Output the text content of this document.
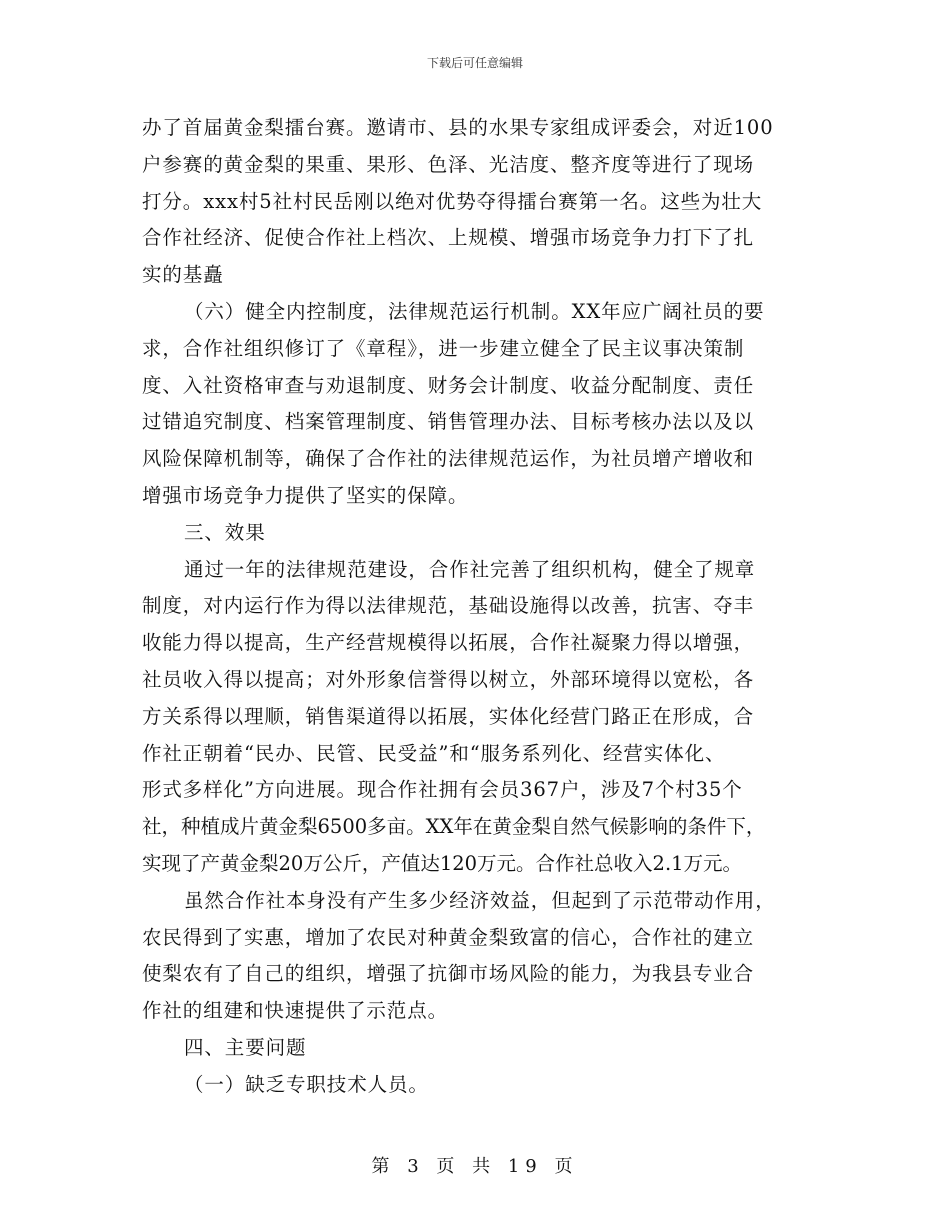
下载后可任意编辑
办了首届黄金梨擂台赛。邀请市、县的水果专家组成评委会，对近100
户参赛的黄金梨的果重、果形、色泽、光洁度、整齐度等进行了现场
打分。xxx村5社村民岳刚以绝对优势夺得擂台赛第一名。这些为壮大
合作社经济、促使合作社上档次、上规模、增强市场竞争力打下了扎
实的基矗
（六）健全内控制度，法律规范运行机制。XX年应广阔社员的要
求，合作社组织修订了《章程》，进一步建立健全了民主议事决策制
度、入社资格审查与劝退制度、财务会计制度、收益分配制度、责任
过错追究制度、档案管理制度、销售管理办法、目标考核办法以及以
风险保障机制等，确保了合作社的法律规范运作，为社员增产增收和
增强市场竞争力提供了坚实的保障。
三、效果
通过一年的法律规范建设，合作社完善了组织机构，健全了规章
制度，对内运行作为得以法律规范，基础设施得以改善，抗害、夺丰
收能力得以提高，生产经营规模得以拓展，合作社凝聚力得以增强，
社员收入得以提高；对外形象信誉得以树立，外部环境得以宽松，各
方关系得以理顺，销售渠道得以拓展，实体化经营门路正在形成，合
作社正朝着“民办、民管、民受益”和“服务系列化、经营实体化、
形式多样化”方向进展。现合作社拥有会员367户，涉及7个村35个
社，种植成片黄金梨6500多亩。XX年在黄金梨自然气候影响的条件下，
实现了产黄金梨20万公斤，产值达120万元。合作社总收入2.1万元。
虽然合作社本身没有产生多少经济效益，但起到了示范带动作用，
农民得到了实惠，增加了农民对种黄金梨致富的信心，合作社的建立
使梨农有了自己的组织，增强了抗御市场风险的能力，为我县专业合
作社的组建和快速提供了示范点。
四、主要问题
（一）缺乏专职技术人员。
第 3 页 共 19 页
